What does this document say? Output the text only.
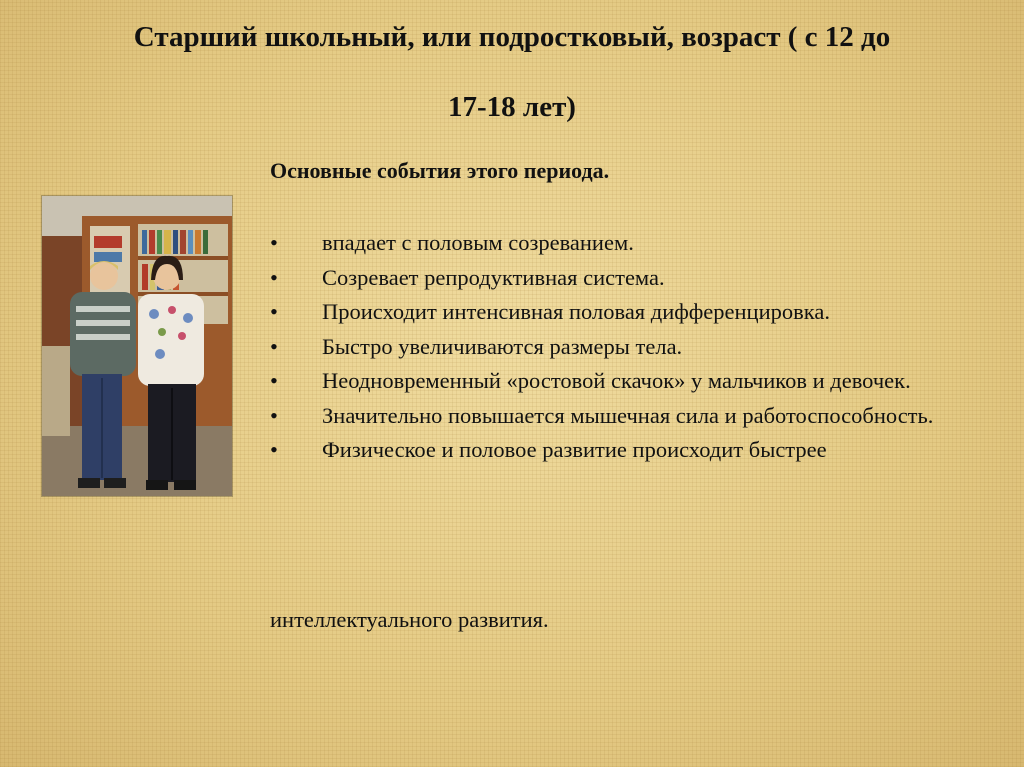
Старший школьный, или подростковый, возраст ( с 12 до
17-18 лет)
Основные события этого периода.
• впадает с половым созреванием.
• Созревает репродуктивная система.
• Происходит интенсивная половая дифференцировка.
• Быстро увеличиваются размеры тела.
• Неодновременный «ростовой скачок» у мальчиков и девочек.
• Значительно повышается мышечная сила и работоспособность.
• Физическое и половое развитие происходит быстрее
интеллектуального развития.
